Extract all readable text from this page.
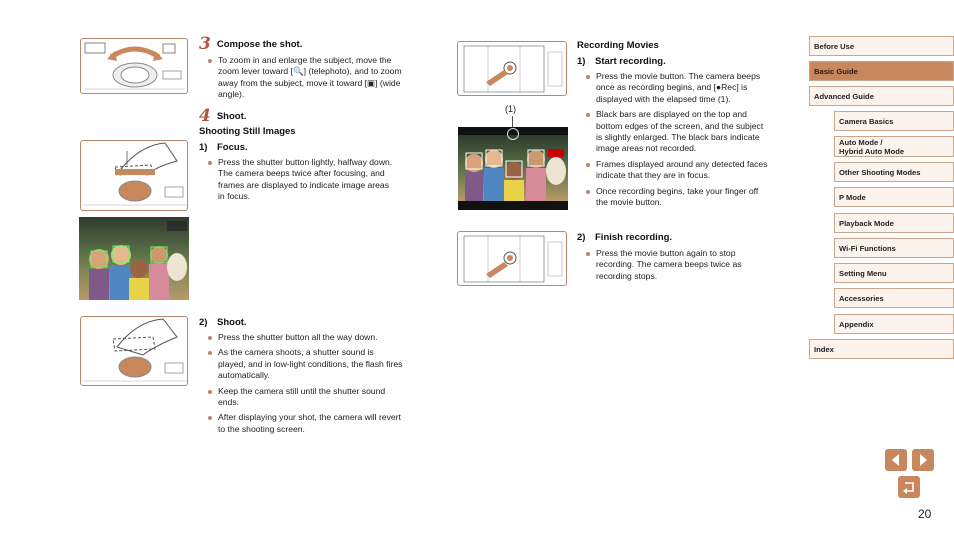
3 Compose the shot.
To zoom in and enlarge the subject, move the zoom lever toward [🔍] (telephoto), and to zoom away from the subject, move it toward [▣] (wide angle).
4 Shoot.
Shooting Still Images
1) Focus.
Press the shutter button lightly, halfway down. The camera beeps twice after focusing, and frames are displayed to indicate image areas in focus.
2) Shoot.
Press the shutter button all the way down.
As the camera shoots, a shutter sound is played, and in low-light conditions, the flash fires automatically.
Keep the camera still until the shutter sound ends.
After displaying your shot, the camera will revert to the shooting screen.
(1)
Recording Movies
1) Start recording.
Press the movie button. The camera beeps once as recording begins, and [●Rec] is displayed with the elapsed time (1).
Black bars are displayed on the top and bottom edges of the screen, and the subject is slightly enlarged. The black bars indicate image areas not recorded.
Frames displayed around any detected faces indicate that they are in focus.
Once recording begins, take your finger off the movie button.
2) Finish recording.
Press the movie button again to stop recording. The camera beeps twice as recording stops.
Before Use
Basic Guide
Advanced Guide
Camera Basics
Auto Mode /
Hybrid Auto Mode
Other Shooting Modes
P Mode
Playback Mode
Wi-Fi Functions
Setting Menu
Accessories
Appendix
Index
20
